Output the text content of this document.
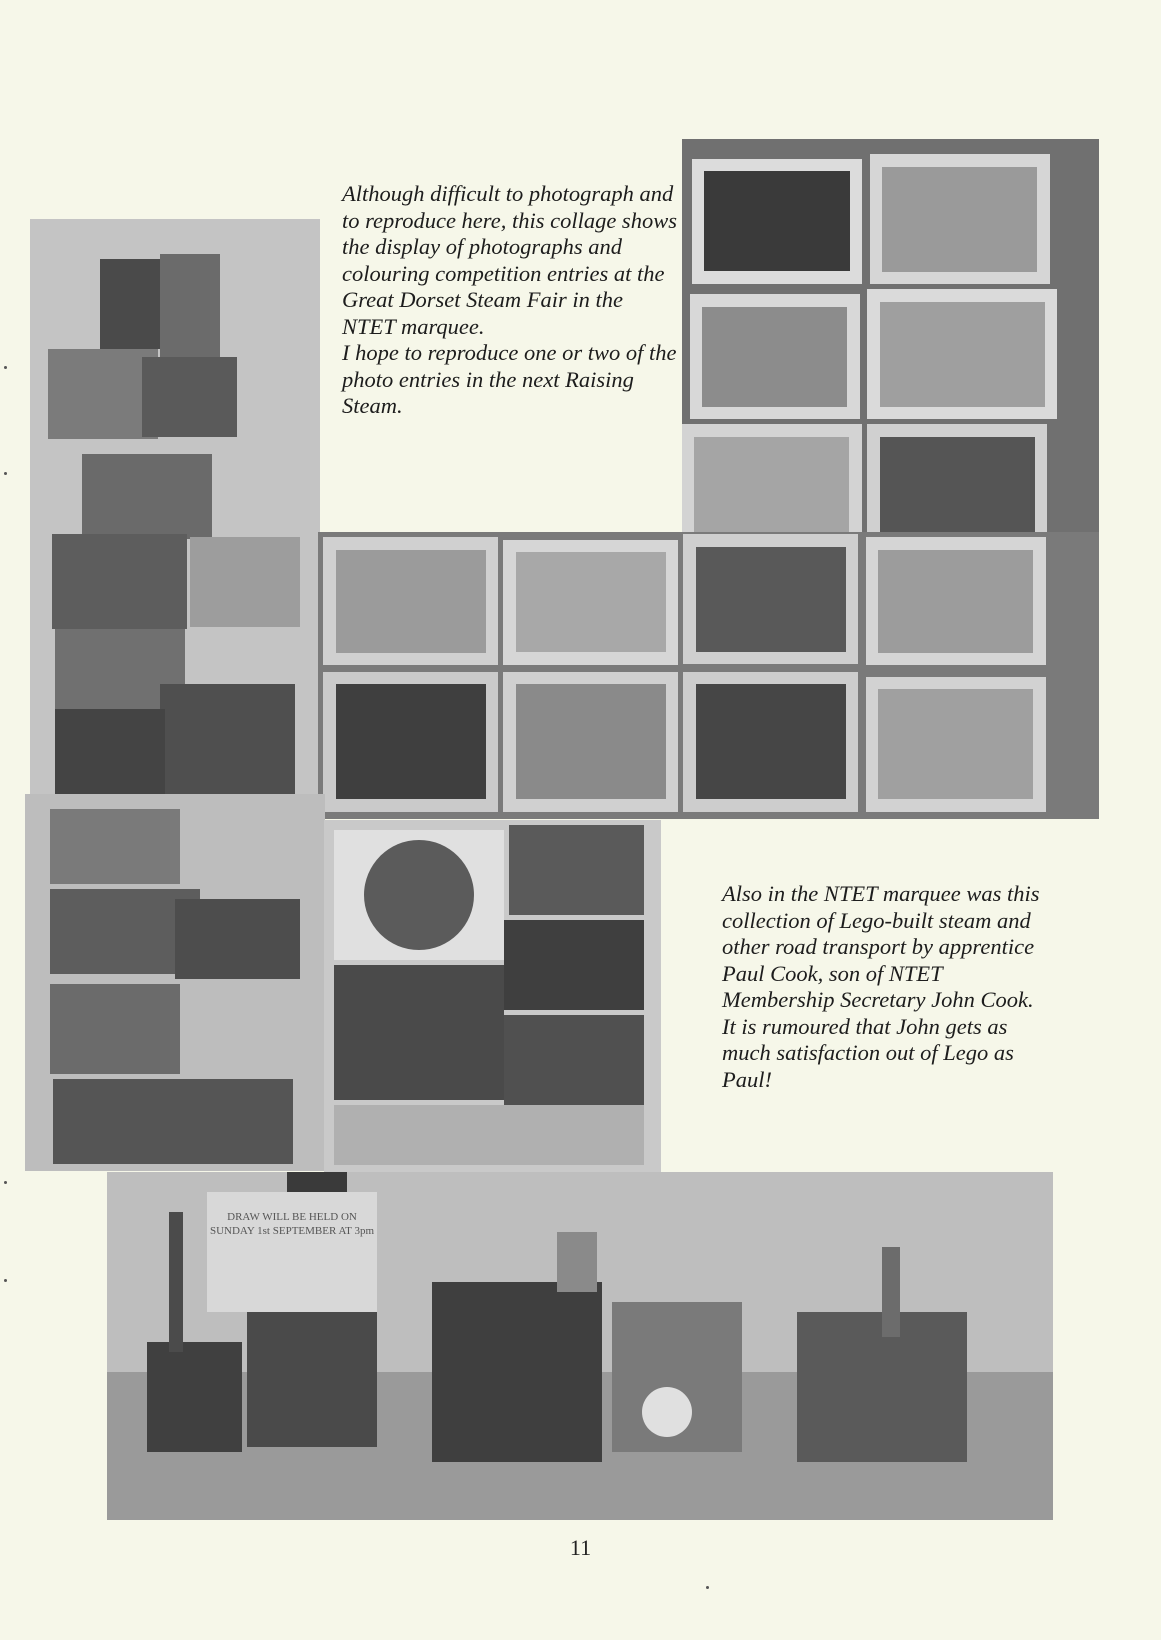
Although difficult to photograph and to reproduce here, this collage shows the display of photographs and colouring competition entries at the Great Dorset Steam Fair in the NTET marquee.

I hope to reproduce one or two of the photo entries in the next Raising Steam.

Also in the NTET marquee was this collection of Lego-built steam and other road transport by apprentice Paul Cook, son of NTET Membership Secretary John Cook. It is rumoured that John gets as much satisfaction out of Lego as Paul!

DRAW WILL BE HELD ON SUNDAY 1st SEPTEMBER AT 3pm
11
